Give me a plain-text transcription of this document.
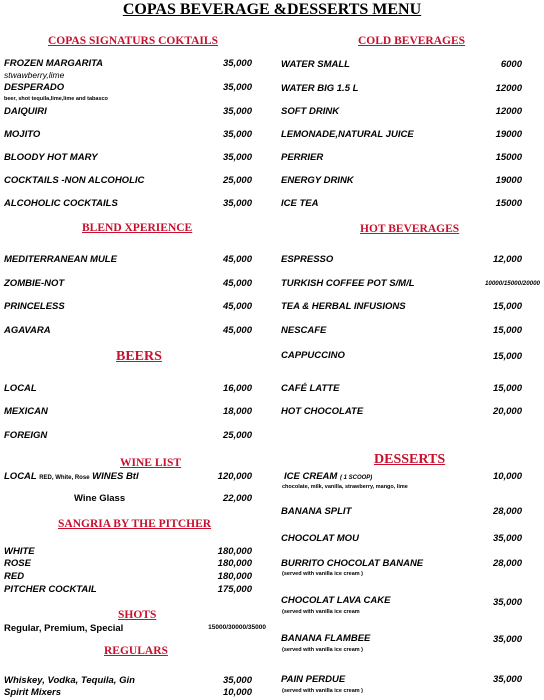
COPAS BEVERAGE &DESSERTS MENU
COPAS SIGNATURS COKTAILS
FROZEN MARGARITA	35,000
stwawberry,lime
DESPERADO	35,000
beer, shot tequila,lime,lime and tabasco
DAIQUIRI	35,000
MOJITO	35,000
BLOODY HOT MARY	35,000
COCKTAILS -NON ALCOHOLIC	25,000
ALCOHOLIC COCKTAILS	35,000
BLEND XPERIENCE
MEDITERRANEAN MULE	45,000
ZOMBIE-NOT	45,000
PRINCELESS	45,000
AGAVARA	45,000
BEERS
LOCAL	16,000
MEXICAN	18,000
FOREIGN	25,000
WINE LIST
LOCAL RED, White, Rose WINES Btl	120,000
Wine Glass	22,000
SANGRIA BY THE PITCHER
WHITE	180,000
ROSE	180,000
RED	180,000
PITCHER COCKTAIL	175,000
SHOTS
Regular, Premium, Special	15000/30000/35000
REGULARS
Whiskey, Vodka, Tequila, Gin	35,000
Spirit Mixers	10,000
COLD BEVERAGES
WATER SMALL	6000
WATER BIG 1.5 L	12000
SOFT DRINK	12000
LEMONADE,NATURAL JUICE	19000
PERRIER	15000
ENERGY DRINK	19000
ICE TEA	15000
HOT BEVERAGES
ESPRESSO	12,000
TURKISH COFFEE POT S/M/L	10000/15000/20000
TEA & HERBAL INFUSIONS	15,000
NESCAFE	15,000
CAPPUCCINO	15,000
CAFÉ LATTE	15,000
HOT CHOCOLATE	20,000
DESSERTS
ICE CREAM ( 1 SCOOP)	10,000
chocolate, milk, vanilla, strawberry, mango, lime
BANANA SPLIT	28,000
CHOCOLAT MOU	35,000
BURRITO CHOCOLAT BANANE	28,000
(served with vanilla ice cream )
CHOCOLAT LAVA CAKE	35,000
(served with vanilla ice cream
BANANA FLAMBEE	35,000
(served with vanilla ice cream )
PAIN PERDUE	35,000
(served with vanilla ice cream )
